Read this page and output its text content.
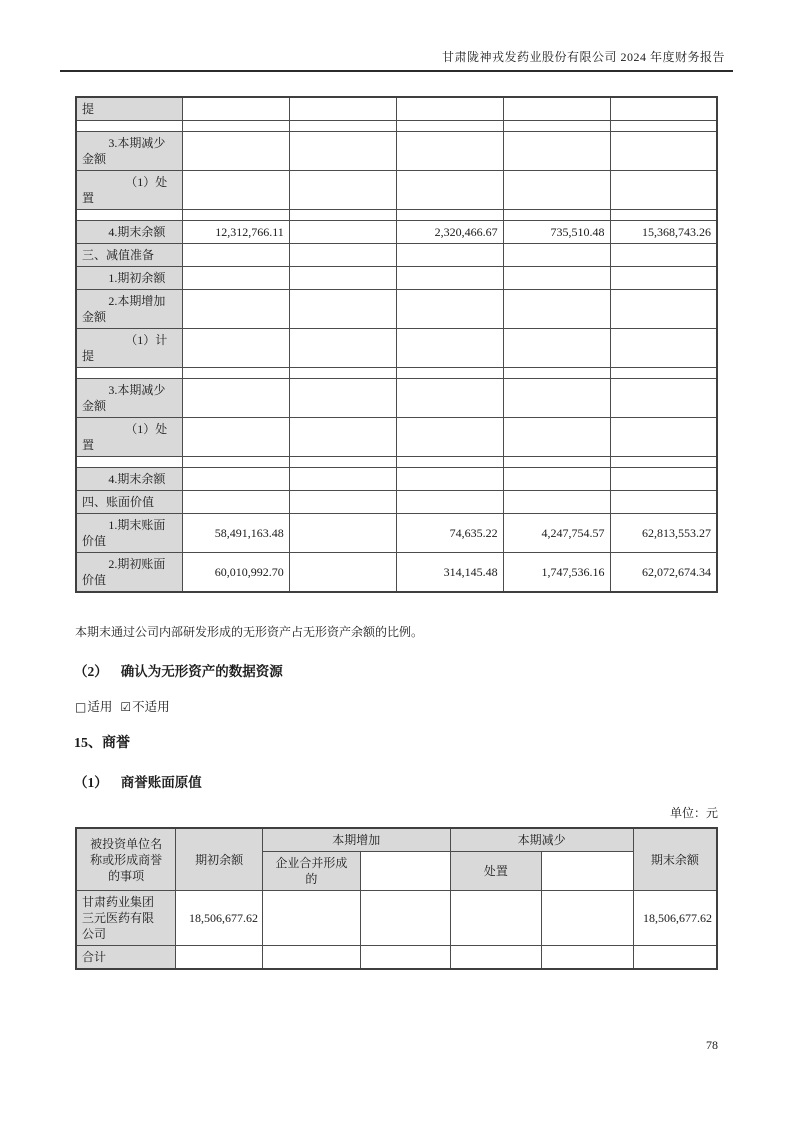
甘肃陇神戎发药业股份有限公司 2024 年度财务报告
提					

3.本期减少金额					
（1）处置					

4.期末余额	12,312,766.11		2,320,466.67	735,510.48	15,368,743.26
三、减值准备					
1.期初余额					
2.本期增加金额					
（1）计提					

3.本期减少金额					
（1）处置					

4.期末余额					
四、账面价值					
1.期末账面价值	58,491,163.48		74,635.22	4,247,754.57	62,813,553.27
2.期初账面价值	60,010,992.70		314,145.48	1,747,536.16	62,072,674.34
本期末通过公司内部研发形成的无形资产占无形资产余额的比例。
（2） 确认为无形资产的数据资源
□适用 ☑不适用
15、商誉
（1） 商誉账面原值
单位：元
被投资单位名称或形成商誉的事项	期初余额	本期增加		本期减少		期末余额
		企业合并形成的		处置		
甘肃药业集团三元医药有限公司	18,506,677.62					18,506,677.62
合计						
78
